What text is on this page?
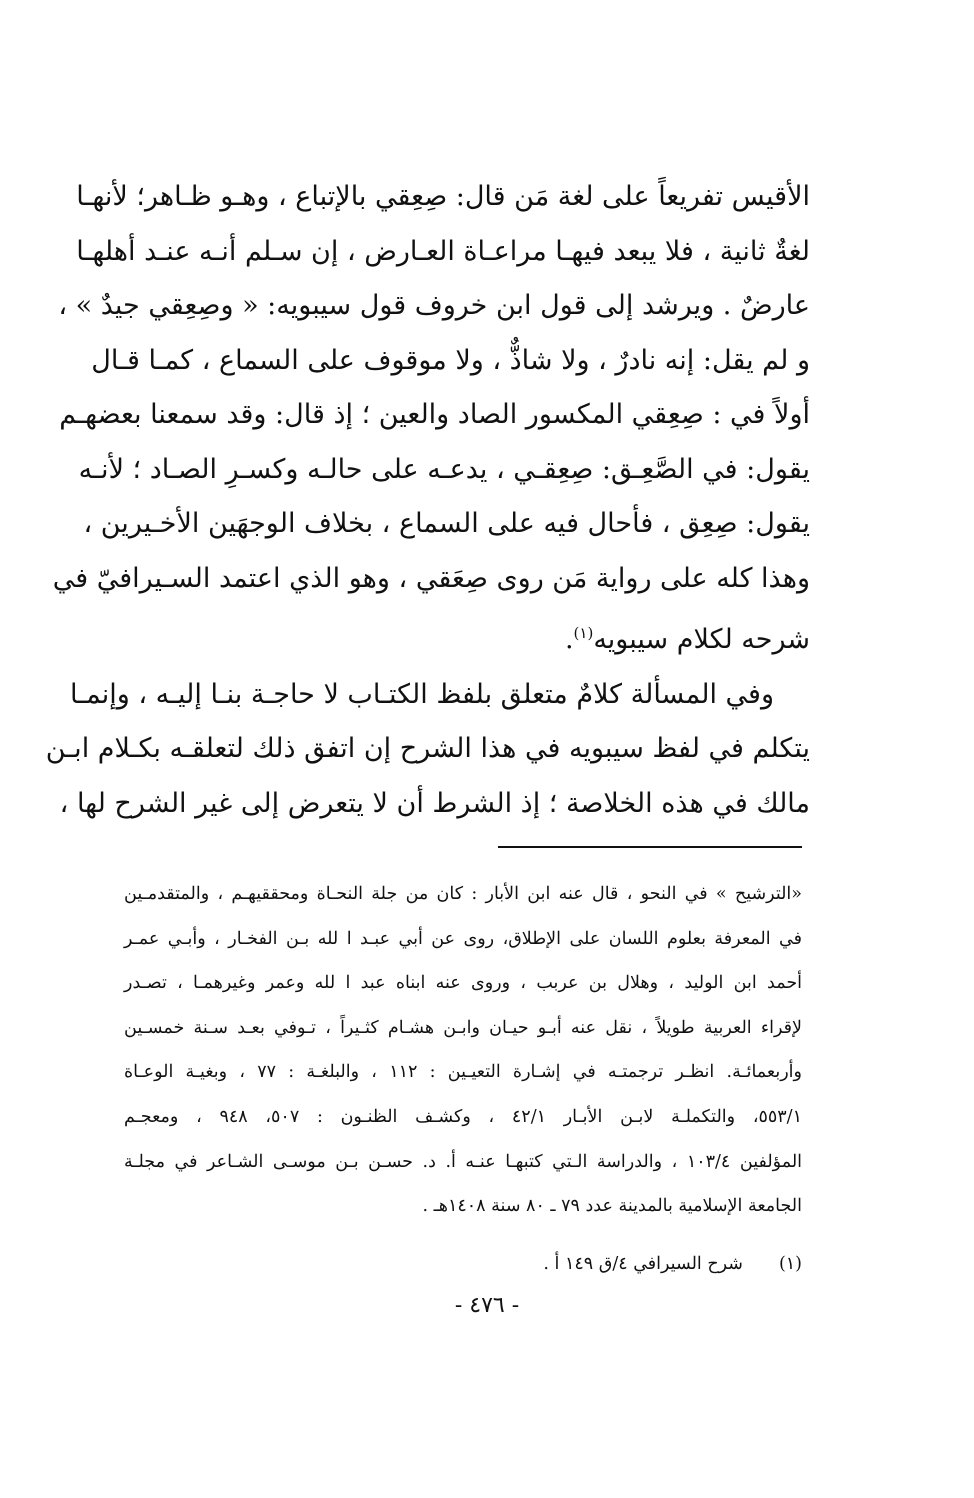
الأقيس تفريعاً على لغة مَن قال: صِعِقي بالإتباع ، وهـو ظـاهر؛ لأنهـا
لغةٌ ثانية ، فلا يبعد فيهـا مراعـاة العـارض ، إن سـلم أنـه عنـد أهلهـا
عارضٌ . ويرشد إلى قول ابن خروف قول سيبويه: « وصِعِقي جيدٌ » ،
و لم يقل: إنه نادرٌ ، ولا شاذٌّ ، ولا موقوف على السماع ، كمـا قـال
أولاً في : صِعِقي المكسور الصاد والعين ؛ إذ قال: وقد سمعنا بعضهـم
يقول: في الصَّعِـق: صِعِقـي ، يدعـه على حالـه وكسـرِ الصـاد ؛ لأنـه
يقول: صِعِق ، فأحال فيه على السماع ، بخلاف الوجهَين الأخـيرين ،
وهذا كله على رواية مَن روى صِعَقي ، وهو الذي اعتمد السـيرافيّ في
شرحه لكلام سيبويه$^{(١)}$.
وفي المسألة كلامٌ متعلق بلفظ الكتـاب لا حاجـة بنـا إليـه ، وإنمـا
يتكلم في لفظ سيبويه في هذا الشرح إن اتفق ذلك لتعلقـه بكـلام ابـن
مالك في هذه الخلاصة ؛ إذ الشرط أن لا يتعرض إلى غير الشرح لها ،
«الترشيح » في النحو ، قال عنه ابن الأبار : كان من جلة النحـاة ومحققيهـم ، والمتقدمـين
في المعرفة بعلوم اللسان على الإطلاق، روى عن أبي عبـد ا لله بـن الفخـار ، وأبـي عمـر
أحمد ابن الوليد ، وهلال بن عربب ، وروى عنه ابناه عبد ا لله وعمر وغيرهمـا ، تصـدر
لإقراء العربية طويلاً ، نقل عنه أبـو حيـان وابـن هشـام كثـيراً ، تـوفي بعـد سـنة خمسـين
وأربعمائـة. انظـر ترجمتـه في إشـارة التعيـين : ١١٢ ، والبلغـة : ٧٧ ، وبغيـة الوعـاة
٥٥٣/١، والتكملـة لابـن الأبـار ٤٢/١ ، وكشـف الظنـون : ٥٠٧، ٩٤٨ ، ومعجـم
المؤلفين ١٠٣/٤ ، والدراسة الـتي كتبهـا عنـه أ. د. حسـن بـن موسـى الشـاعر في مجلـة
الجامعة الإسلامية بالمدينة عدد ٧٩ ـ ٨٠ سنة ١٤٠٨هـ .
(١)شرح السيرافي ٤/ق ١٤٩ أ .
- ٤٧٦ -
